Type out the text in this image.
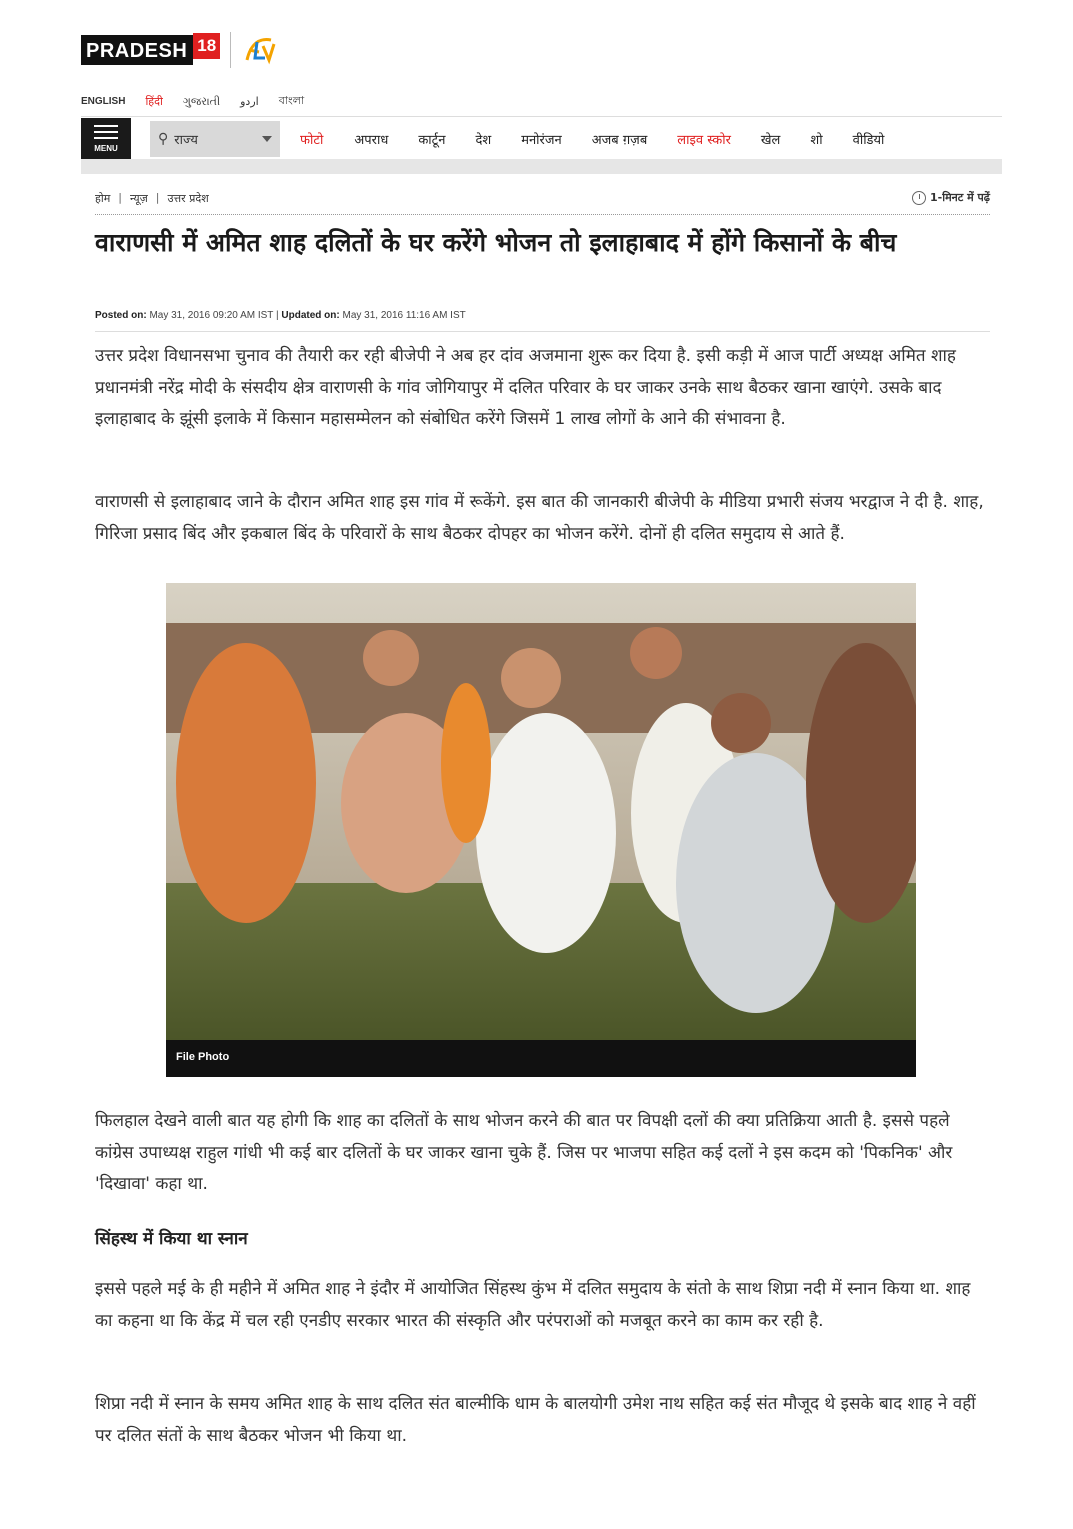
PRADESH 18
ENGLISH हिंदी ગુજરાતી اردو বাংলা
MENU
⚲ राज्य	फोटो अपराध कार्टून देश मनोरंजन अजब ग़ज़ब लाइव स्कोर खेल शो वीडियो
होम | न्यूज़ | उत्तर प्रदेश	1-मिनट में पढ़ें
वाराणसी में अमित शाह दलितों के घर करेंगे भोजन तो इलाहाबाद में होंगे किसानों के बीच
Posted on: May 31, 2016 09:20 AM IST | Updated on: May 31, 2016 11:16 AM IST

उत्तर प्रदेश विधानसभा चुनाव की तैयारी कर रही बीजेपी ने अब हर दांव अजमाना शुरू कर दिया है. इसी कड़ी में आज पार्टी अध्यक्ष अमित शाह प्रधानमंत्री नरेंद्र मोदी के संसदीय क्षेत्र वाराणसी के गांव जोगियापुर में दलित परिवार के घर जाकर उनके साथ बैठकर खाना खाएंगे. उसके बाद इलाहाबाद के झूंसी इलाके में किसान महासम्मेलन को संबोधित करेंगे जिसमें 1 लाख लोगों के आने की संभावना है.

वाराणसी से इलाहाबाद जाने के दौरान अमित शाह इस गांव में रूकेंगे. इस बात की जानकारी बीजेपी के मीडिया प्रभारी संजय भरद्वाज ने दी है. शाह, गिरिजा प्रसाद बिंद और इकबाल बिंद के परिवारों के साथ बैठकर दोपहर का भोजन करेंगे. दोनों ही दलित समुदाय से आते हैं.

File Photo

फिलहाल देखने वाली बात यह होगी कि शाह का दलितों के साथ भोजन करने की बात पर विपक्षी दलों की क्या प्रतिक्रिया आती है. इससे पहले कांग्रेस उपाध्यक्ष राहुल गांधी भी कई बार दलितों के घर जाकर खाना चुके हैं. जिस पर भाजपा सहित कई दलों ने इस कदम को 'पिकनिक' और 'दिखावा' कहा था.

सिंहस्थ में किया था स्नान

इससे पहले मई के ही महीने में अमित शाह ने इंदौर में आयोजित सिंहस्थ कुंभ में दलित समुदाय के संतो के साथ शिप्रा नदी में स्नान किया था. शाह का कहना था कि केंद्र में चल रही एनडीए सरकार भारत की संस्कृति और परंपराओं को मजबूत करने का काम कर रही है.

शिप्रा नदी में स्नान के समय अमित शाह के साथ दलित संत बाल्मीकि धाम के बालयोगी उमेश नाथ सहित कई संत मौजूद थे इसके बाद शाह ने वहीं पर दलित संतों के साथ बैठकर भोजन भी किया था.
